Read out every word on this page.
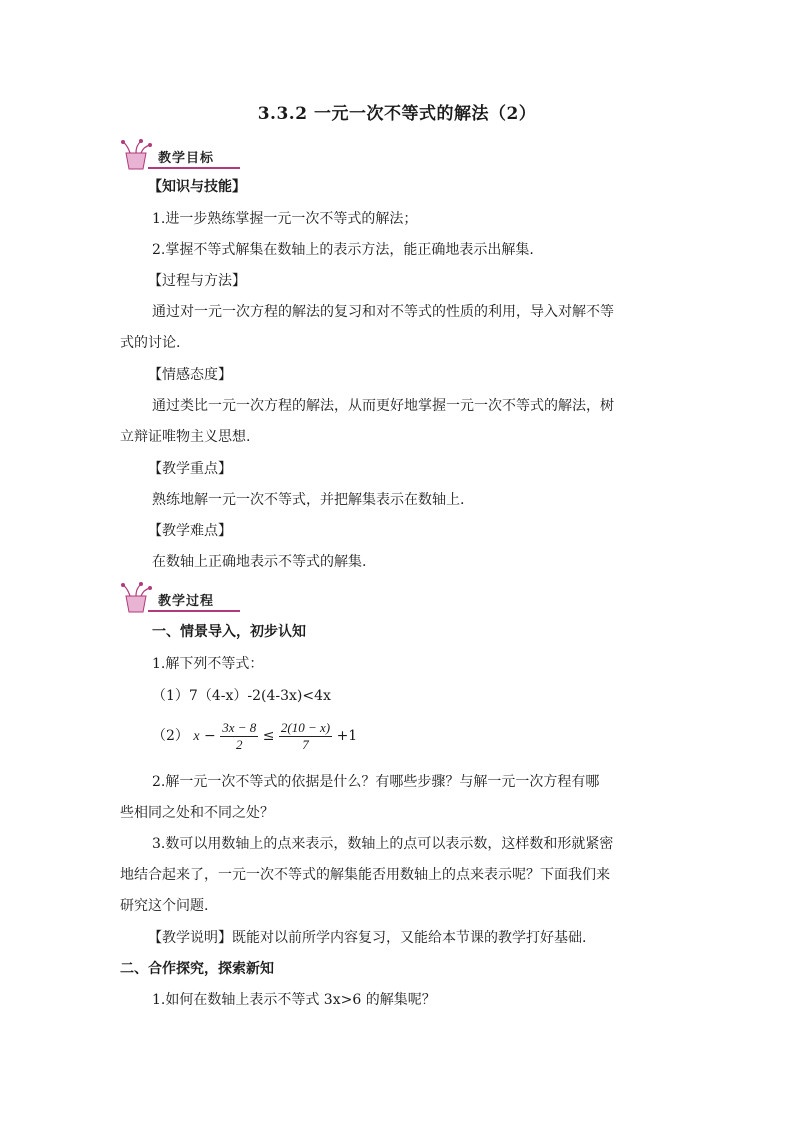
3.3.2 一元一次不等式的解法（2）
教学目标
【知识与技能】
1.进一步熟练掌握一元一次不等式的解法；
2.掌握不等式解集在数轴上的表示方法，能正确地表示出解集.
【过程与方法】
通过对一元一次方程的解法的复习和对不等式的性质的利用，导入对解不等
式的讨论.
【情感态度】
通过类比一元一次方程的解法，从而更好地掌握一元一次不等式的解法，树
立辩证唯物主义思想.
【教学重点】
熟练地解一元一次不等式，并把解集表示在数轴上.
【教学难点】
在数轴上正确地表示不等式的解集.
教学过程
一、情景导入，初步认知
1.解下列不等式：
（1）7（4-x）-2(4-3x)<4x
（2） $x - \frac{3x - 8}{2} \le \frac{2(10 - x)}{7} +1$
2.解一元一次不等式的依据是什么？有哪些步骤？与解一元一次方程有哪
些相同之处和不同之处？
3.数可以用数轴上的点来表示，数轴上的点可以表示数，这样数和形就紧密
地结合起来了，一元一次不等式的解集能否用数轴上的点来表示呢？下面我们来
研究这个问题.
【教学说明】既能对以前所学内容复习，又能给本节课的教学打好基础.
二、合作探究，探索新知
1.如何在数轴上表示不等式 3x>6 的解集呢？
